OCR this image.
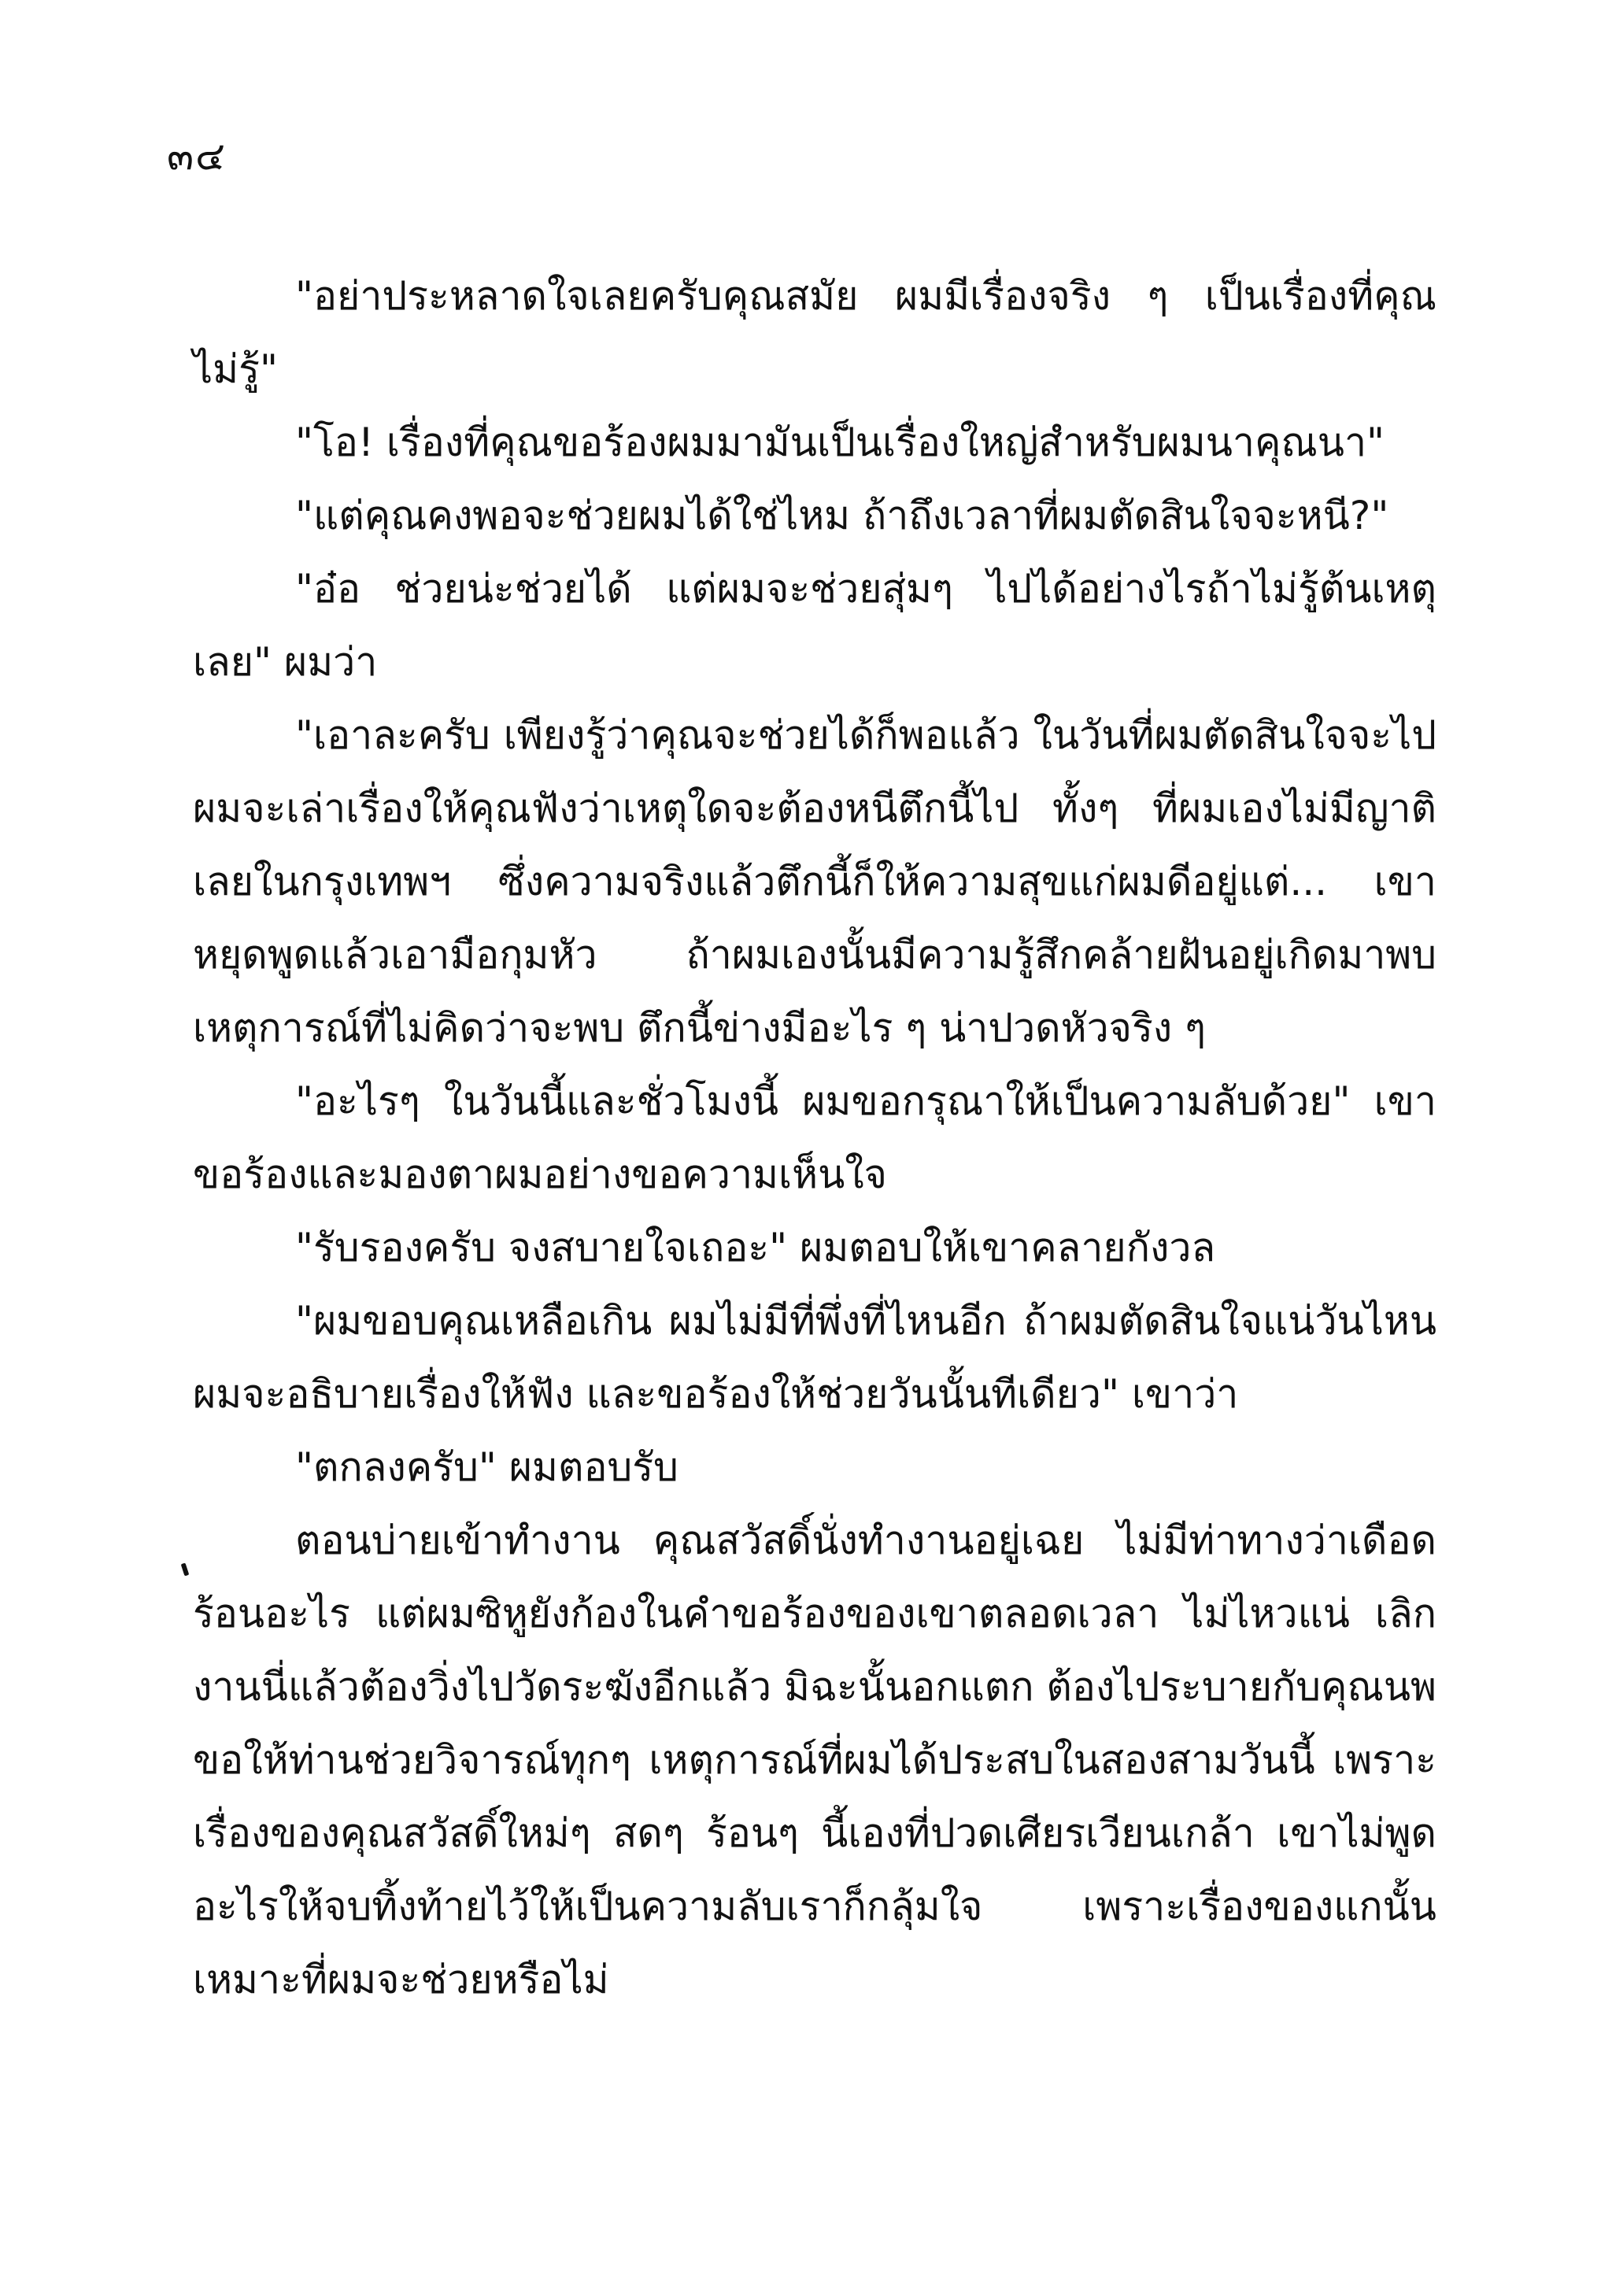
๓๔

"อย่าประหลาดใจเลยครับคุณสมัย ผมมีเรื่องจริง ๆ เป็นเรื่องที่คุณไม่รู้"

"โอ! เรื่องที่คุณขอร้องผมมามันเป็นเรื่องใหญ่สำหรับผมนาคุณนา"

"แต่คุณคงพอจะช่วยผมได้ใช่ไหม ถ้าถึงเวลาที่ผมตัดสินใจจะหนี?"

"อ๋อ ช่วยน่ะช่วยได้ แต่ผมจะช่วยสุ่มๆ ไปได้อย่างไรถ้าไม่รู้ต้นเหตุเลย" ผมว่า

"เอาละครับ เพียงรู้ว่าคุณจะช่วยได้ก็พอแล้ว ในวันที่ผมตัดสินใจจะไป ผมจะเล่าเรื่องให้คุณฟังว่าเหตุใดจะต้องหนีตึกนี้ไป ทั้งๆ ที่ผมเองไม่มีญาติเลยในกรุงเทพฯ ซึ่งความจริงแล้วตึกนี้ก็ให้ความสุขแก่ผมดีอยู่แต่... เขาหยุดพูดแล้วเอามือกุมหัว ถ้าผมเองนั้นมีความรู้สึกคล้ายฝันอยู่เกิดมาพบเหตุการณ์ที่ไม่คิดว่าจะพบ ตึกนี้ข่างมีอะไร ๆ น่าปวดหัวจริง ๆ

"อะไรๆ ในวันนี้และชั่วโมงนี้ ผมขอกรุณาให้เป็นความลับด้วย" เขาขอร้องและมองตาผมอย่างขอความเห็นใจ

"รับรองครับ จงสบายใจเถอะ" ผมตอบให้เขาคลายกังวล

"ผมขอบคุณเหลือเกิน ผมไม่มีที่พึ่งที่ไหนอีก ถ้าผมตัดสินใจแน่วันไหนผมจะอธิบายเรื่องให้ฟัง และขอร้องให้ช่วยวันนั้นทีเดียว" เขาว่า

"ตกลงครับ" ผมตอบรับ

ตอนบ่ายเข้าทำงาน คุณสวัสดิ์นั่งทำงานอยู่เฉย ไม่มีท่าทางว่าเดือดร้อนอะไร แต่ผมซิหูยังก้องในคำขอร้องของเขาตลอดเวลา ไม่ไหวแน่ เลิกงานนี่แล้วต้องวิ่งไปวัดระฆังอีกแล้ว มิฉะนั้นอกแตก ต้องไประบายกับคุณนพ ขอให้ท่านช่วยวิจารณ์ทุกๆ เหตุการณ์ที่ผมได้ประสบในสองสามวันนี้ เพราะเรื่องของคุณสวัสดิ์ใหม่ๆ สดๆ ร้อนๆ นี้เองที่ปวดเศียรเวียนเกล้า เขาไม่พูดอะไรให้จบทิ้งท้ายไว้ให้เป็นความลับเราก็กลุ้มใจ เพราะเรื่องของแกนั้นเหมาะที่ผมจะช่วยหรือไม่
